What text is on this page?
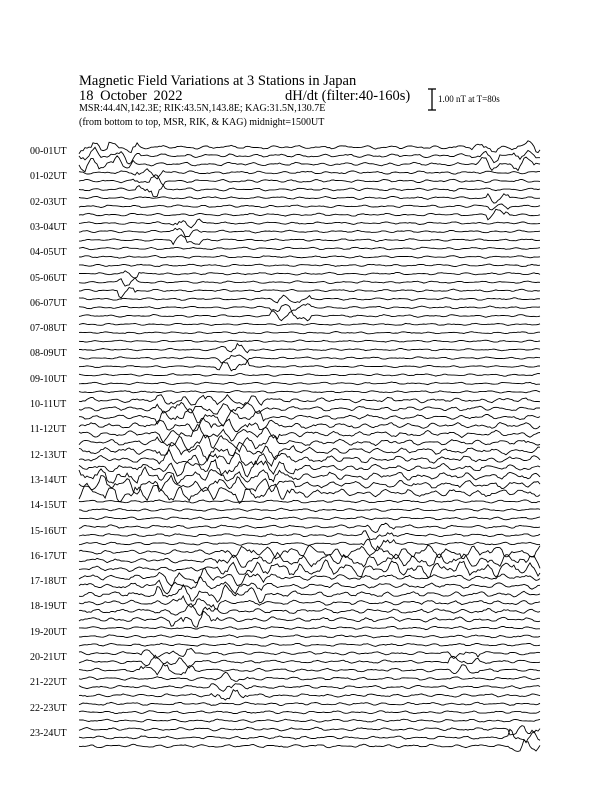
Magnetic Field Variations at 3 Stations in Japan
18 October 2022	dH/dt (filter:40-160s)
MSR:44.4N,142.3E; RIK:43.5N,143.8E; KAG:31.5N,130.7E
(from bottom to top, MSR, RIK, & KAG) midnight=1500UT
1.00 nT at T=80s
00-01UT
01-02UT
02-03UT
03-04UT
04-05UT
05-06UT
06-07UT
07-08UT
08-09UT
09-10UT
10-11UT
11-12UT
12-13UT
13-14UT
14-15UT
15-16UT
16-17UT
17-18UT
18-19UT
19-20UT
20-21UT
21-22UT
22-23UT
23-24UT
